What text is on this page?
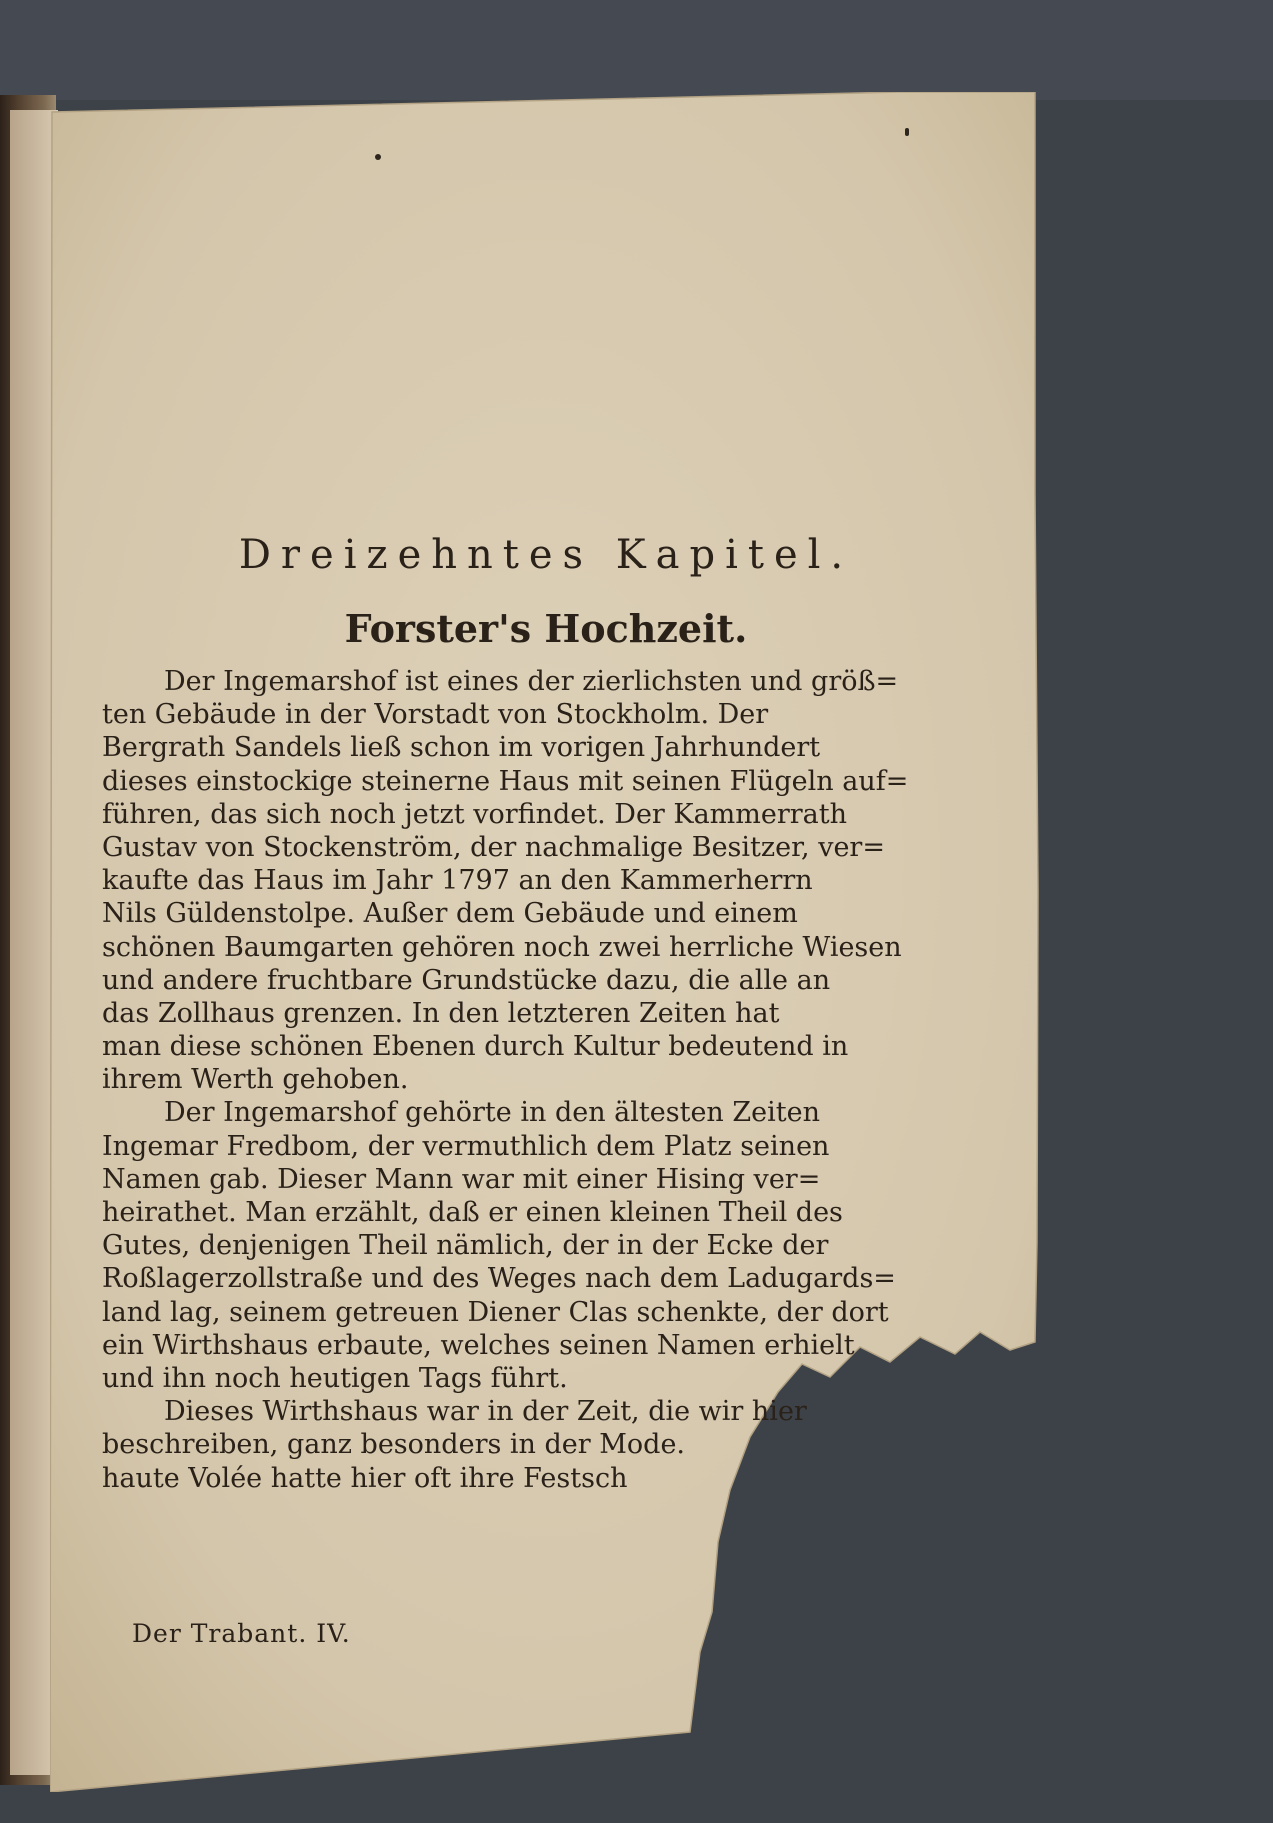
Dreizehntes Kapitel.
Forster's Hochzeit.
Der Ingemarshof ist eines der zierlichsten und größ=
ten Gebäude in der Vorstadt von Stockholm. Der
Bergrath Sandels ließ schon im vorigen Jahrhundert
dieses einstockige steinerne Haus mit seinen Flügeln auf=
führen, das sich noch jetzt vorfindet. Der Kammerrath
Gustav von Stockenström, der nachmalige Besitzer, ver=
kaufte das Haus im Jahr 1797 an den Kammerherrn
Nils Güldenstolpe. Außer dem Gebäude und einem
schönen Baumgarten gehören noch zwei herrliche Wiesen
und andere fruchtbare Grundstücke dazu, die alle an
das Zollhaus grenzen. In den letzteren Zeiten hat
man diese schönen Ebenen durch Kultur bedeutend in
ihrem Werth gehoben.
Der Ingemarshof gehörte in den ältesten Zeiten
Ingemar Fredbom, der vermuthlich dem Platz seinen
Namen gab. Dieser Mann war mit einer Hising ver=
heirathet. Man erzählt, daß er einen kleinen Theil des
Gutes, denjenigen Theil nämlich, der in der Ecke der
Roßlagerzollstraße und des Weges nach dem Ladugards=
land lag, seinem getreuen Diener Clas schenkte, der dort
ein Wirthshaus erbaute, welches seinen Namen erhielt
und ihn noch heutigen Tags führt.
Dieses Wirthshaus war in der Zeit, die wir hier
beschreiben, ganz besonders in der Mode.
haute Volée hatte hier oft ihre Festsch
Der Trabant. IV.
